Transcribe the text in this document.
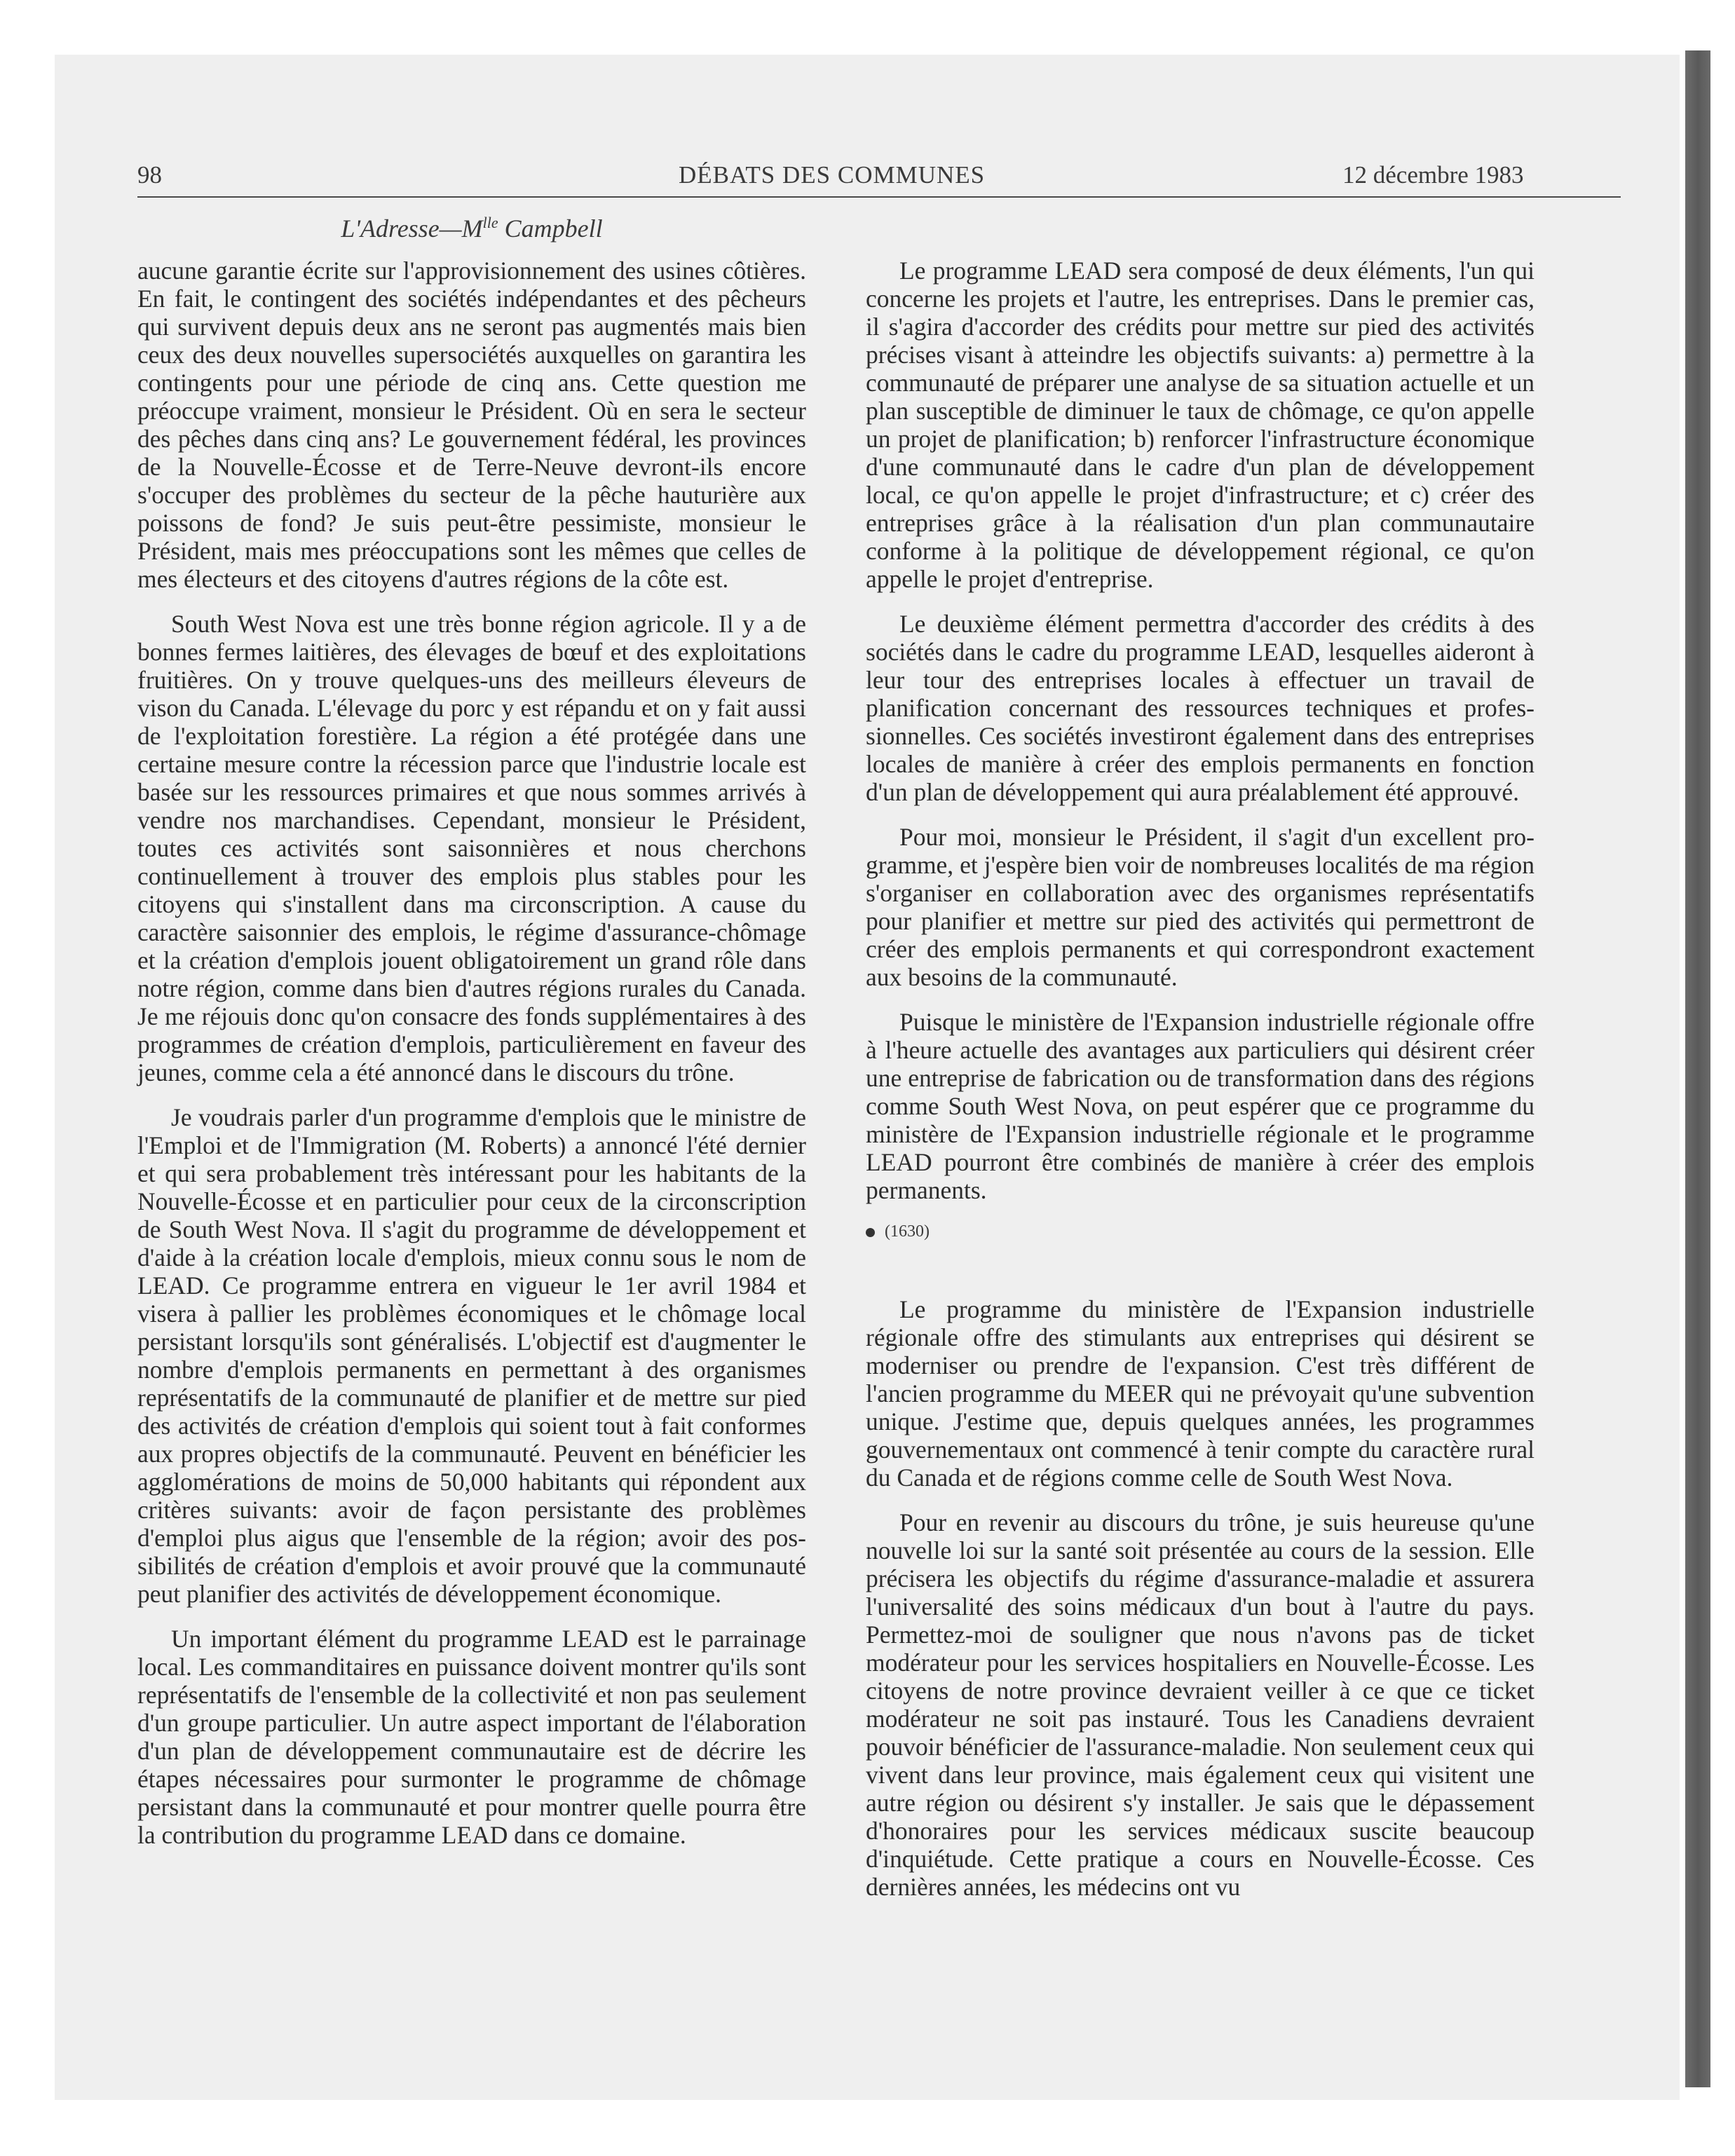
98	DÉBATS DES COMMUNES	12 décembre 1983
$L'Adresse—M^{lle}$ Campbell

aucune garantie écrite sur l'approvisionnement des usines côtières. En fait, le contingent des sociétés indépendantes et des pêcheurs qui survivent depuis deux ans ne seront pas augmentés mais bien ceux des deux nouvelles supersociétés auxquelles on garantira les contingents pour une période de cinq ans. Cette question me préoccupe vraiment, monsieur le Président. Où en sera le secteur des pêches dans cinq ans? Le gouvernement fédéral, les provinces de la Nouvelle-Écosse et de Terre-Neuve devront-ils encore s'occuper des problèmes du secteur de la pêche hauturière aux poissons de fond? Je suis peut-être pessimiste, monsieur le Président, mais mes préoccupations sont les mêmes que celles de mes électeurs et des citoyens d'autres régions de la côte est.

South West Nova est une très bonne région agricole. Il y a de bonnes fermes laitières, des élevages de bœuf et des exploitations fruitières. On y trouve quelques-uns des meilleurs éleveurs de vison du Canada. L'élevage du porc y est répandu et on y fait aussi de l'exploitation forestière. La région a été protégée dans une certaine mesure contre la récession parce que l'industrie locale est basée sur les ressources primaires et que nous sommes arrivés à vendre nos marchandises. Cependant, monsieur le Président, toutes ces activités sont saisonnières et nous cherchons continuellement à trouver des emplois plus stables pour les citoyens qui s'installent dans ma circonscription. A cause du caractère saisonnier des emplois, le régime d'assurance-chômage et la création d'emplois jouent obligatoirement un grand rôle dans notre région, comme dans bien d'autres régions rurales du Canada. Je me réjouis donc qu'on consacre des fonds supplémentaires à des programmes de création d'emplois, particulièrement en faveur des jeunes, comme cela a été annoncé dans le discours du trône.

Je voudrais parler d'un programme d'emplois que le ministre de l'Emploi et de l'Immigration (M. Roberts) a annoncé l'été dernier et qui sera probablement très intéressant pour les habitants de la Nouvelle-Écosse et en particulier pour ceux de la circonscription de South West Nova. Il s'agit du programme de développement et d'aide à la création locale d'emplois, mieux connu sous le nom de LEAD. Ce programme entrera en vigueur le 1er avril 1984 et visera à pallier les problèmes économiques et le chômage local persistant lorsqu'ils sont généralisés. L'objectif est d'augmenter le nombre d'emplois permanents en permettant à des organismes représentatifs de la communauté de planifier et de mettre sur pied des activités de création d'emplois qui soient tout à fait conformes aux propres objectifs de la communauté. Peuvent en bénéficier les agglomérations de moins de 50,000 habitants qui répondent aux critères suivants: avoir de façon persistante des problèmes d'emploi plus aigus que l'ensemble de la région; avoir des possibilités de création d'emplois et avoir prouvé que la communauté peut planifier des activités de développement économique.

Un important élément du programme LEAD est le parrainage local. Les commanditaires en puissance doivent montrer qu'ils sont représentatifs de l'ensemble de la collectivité et non pas seulement d'un groupe particulier. Un autre aspect important de l'élaboration d'un plan de développement communautaire est de décrire les étapes nécessaires pour surmonter le programme de chômage persistant dans la communauté et pour montrer quelle pourra être la contribution du programme LEAD dans ce domaine.

Le programme LEAD sera composé de deux éléments, l'un qui concerne les projets et l'autre, les entreprises. Dans le premier cas, il s'agira d'accorder des crédits pour mettre sur pied des activités précises visant à atteindre les objectifs suivants: a) permettre à la communauté de préparer une analyse de sa situation actuelle et un plan susceptible de diminuer le taux de chômage, ce qu'on appelle un projet de planification; b) renforcer l'infrastructure économique d'une communauté dans le cadre d'un plan de développement local, ce qu'on appelle le projet d'infrastructure; et c) créer des entreprises grâce à la réalisation d'un plan communautaire conforme à la politique de développement régional, ce qu'on appelle le projet d'entreprise.

Le deuxième élément permettra d'accorder des crédits à des sociétés dans le cadre du programme LEAD, lesquelles aideront à leur tour des entreprises locales à effectuer un travail de planification concernant des ressources techniques et professionnelles. Ces sociétés investiront également dans des entreprises locales de manière à créer des emplois permanents en fonction d'un plan de développement qui aura préalablement été approuvé.

Pour moi, monsieur le Président, il s'agit d'un excellent programme, et j'espère bien voir de nombreuses localités de ma région s'organiser en collaboration avec des organismes représentatifs pour planifier et mettre sur pied des activités qui permettront de créer des emplois permanents et qui correspondront exactement aux besoins de la communauté.

Puisque le ministère de l'Expansion industrielle régionale offre à l'heure actuelle des avantages aux particuliers qui désirent créer une entreprise de fabrication ou de transformation dans des régions comme South West Nova, on peut espérer que ce programme du ministère de l'Expansion industrielle régionale et le programme LEAD pourront être combinés de manière à créer des emplois permanents.

(1630)

Le programme du ministère de l'Expansion industrielle régionale offre des stimulants aux entreprises qui désirent se moderniser ou prendre de l'expansion. C'est très différent de l'ancien programme du MEER qui ne prévoyait qu'une subvention unique. J'estime que, depuis quelques années, les programmes gouvernementaux ont commencé à tenir compte du caractère rural du Canada et de régions comme celle de South West Nova.

Pour en revenir au discours du trône, je suis heureuse qu'une nouvelle loi sur la santé soit présentée au cours de la session. Elle précisera les objectifs du régime d'assurance-maladie et assurera l'universalité des soins médicaux d'un bout à l'autre du pays. Permettez-moi de souligner que nous n'avons pas de ticket modérateur pour les services hospitaliers en Nouvelle-Écosse. Les citoyens de notre province devraient veiller à ce que ce ticket modérateur ne soit pas instauré. Tous les Canadiens devraient pouvoir bénéficier de l'assurance-maladie. Non seulement ceux qui vivent dans leur province, mais également ceux qui visitent une autre région ou désirent s'y installer. Je sais que le dépassement d'honoraires pour les services médicaux suscite beaucoup d'inquiétude. Cette pratique a cours en Nouvelle-Écosse. Ces dernières années, les médecins ont vu
